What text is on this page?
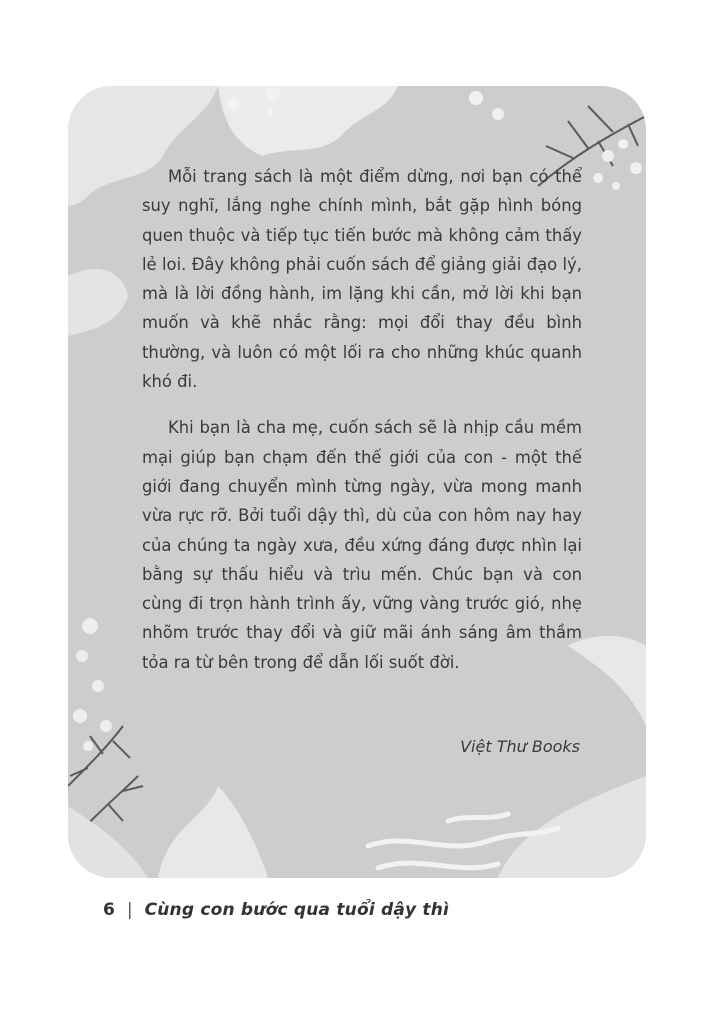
Mỗi trang sách là một điểm dừng, nơi bạn có thể suy nghĩ, lắng nghe chính mình, bắt gặp hình bóng quen thuộc và tiếp tục tiến bước mà không cảm thấy lẻ loi. Đây không phải cuốn sách để giảng giải đạo lý, mà là lời đồng hành, im lặng khi cần, mở lời khi bạn muốn và khẽ nhắc rằng: mọi đổi thay đều bình thường, và luôn có một lối ra cho những khúc quanh khó đi.

Khi bạn là cha mẹ, cuốn sách sẽ là nhịp cầu mềm mại giúp bạn chạm đến thế giới của con - một thế giới đang chuyển mình từng ngày, vừa mong manh vừa rực rỡ. Bởi tuổi dậy thì, dù của con hôm nay hay của chúng ta ngày xưa, đều xứng đáng được nhìn lại bằng sự thấu hiểu và trìu mến. Chúc bạn và con cùng đi trọn hành trình ấy, vững vàng trước gió, nhẹ nhõm trước thay đổi và giữ mãi ánh sáng âm thầm tỏa ra từ bên trong để dẫn lối suốt đời.

Việt Thư Books
6 | Cùng con bước qua tuổi dậy thì
